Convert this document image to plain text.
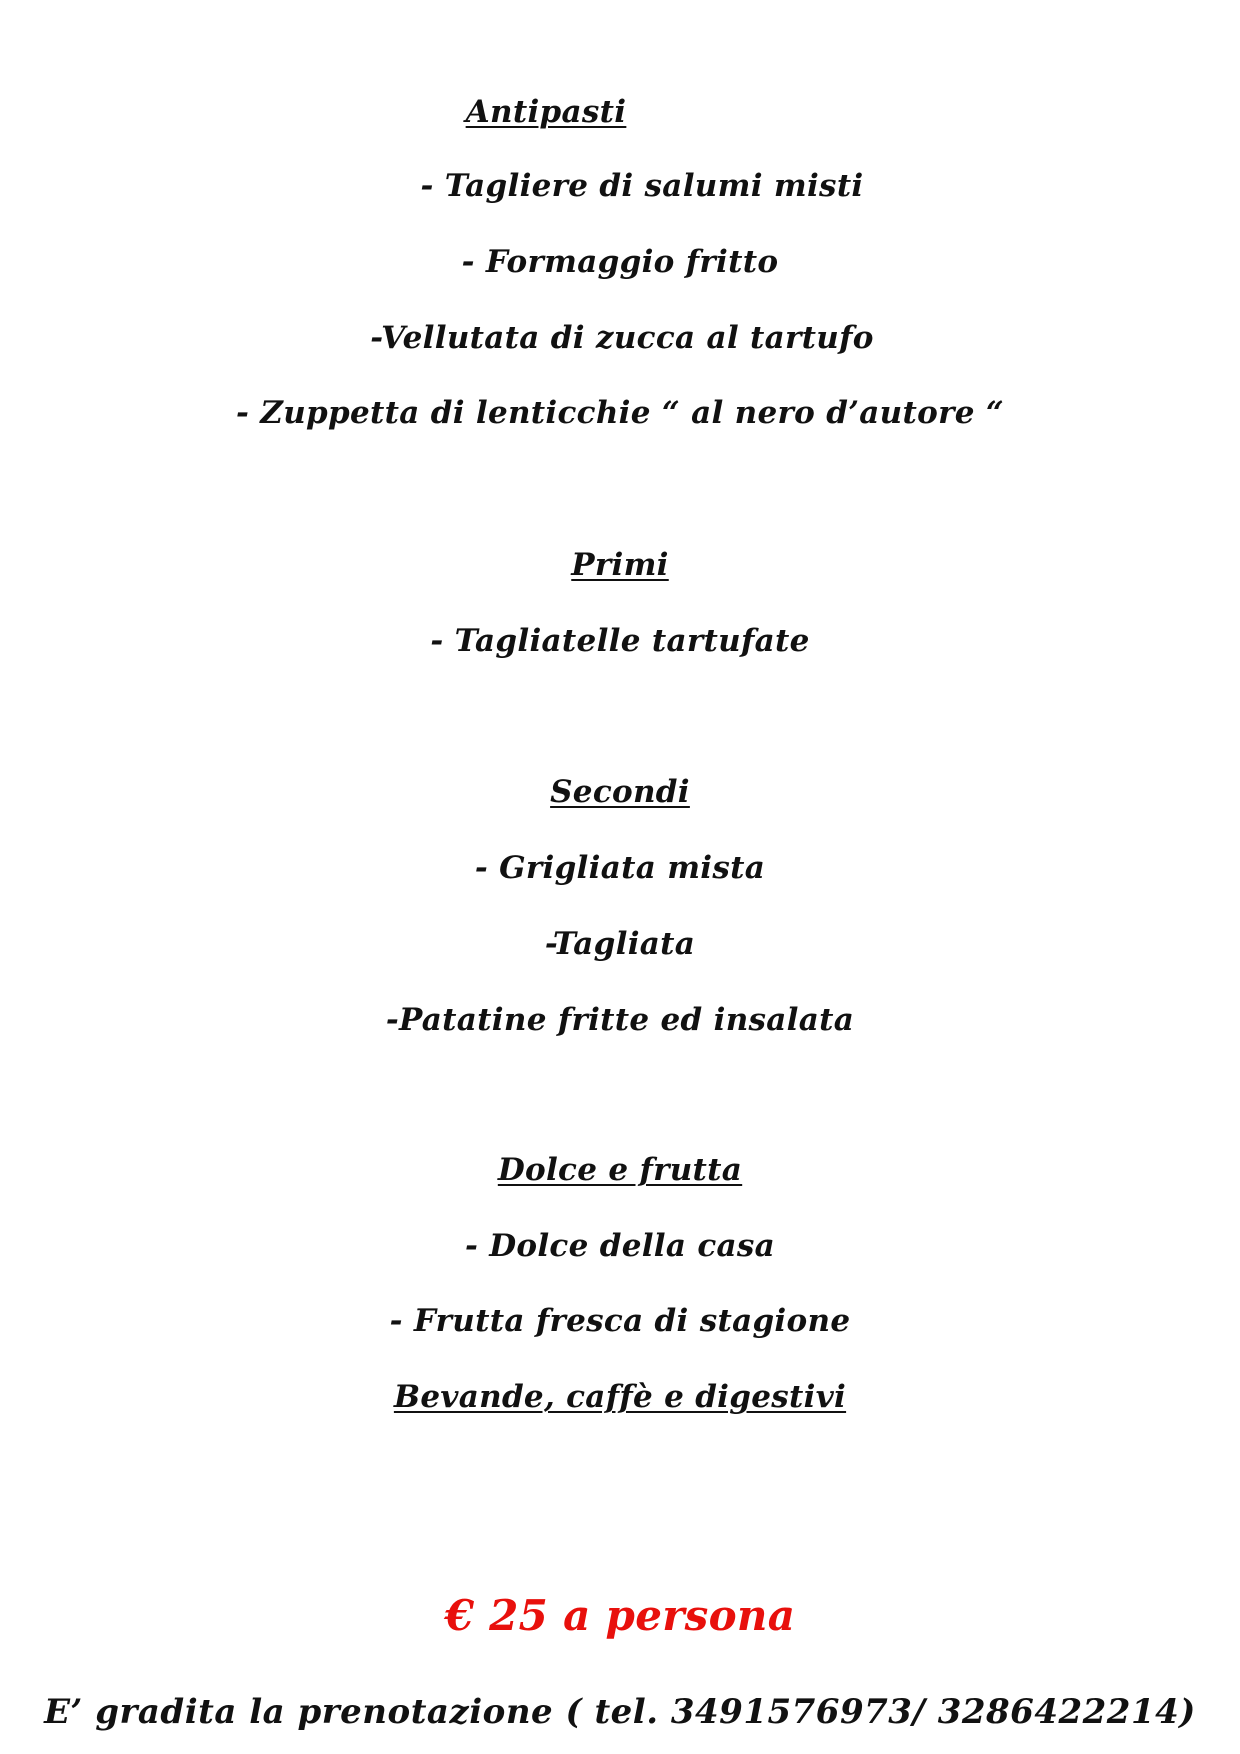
Antipasti
- Tagliere di salumi misti
- Formaggio fritto
-Vellutata di zucca al tartufo
- Zuppetta di lenticchie “ al nero d’autore “
Primi
- Tagliatelle tartufate
Secondi
- Grigliata mista
-Tagliata
-Patatine fritte ed insalata
Dolce e frutta
- Dolce della casa
- Frutta fresca di stagione
Bevande, caffè e digestivi
€ 25 a persona
E’ gradita la prenotazione ( tel. 3491576973/ 3286422214)
